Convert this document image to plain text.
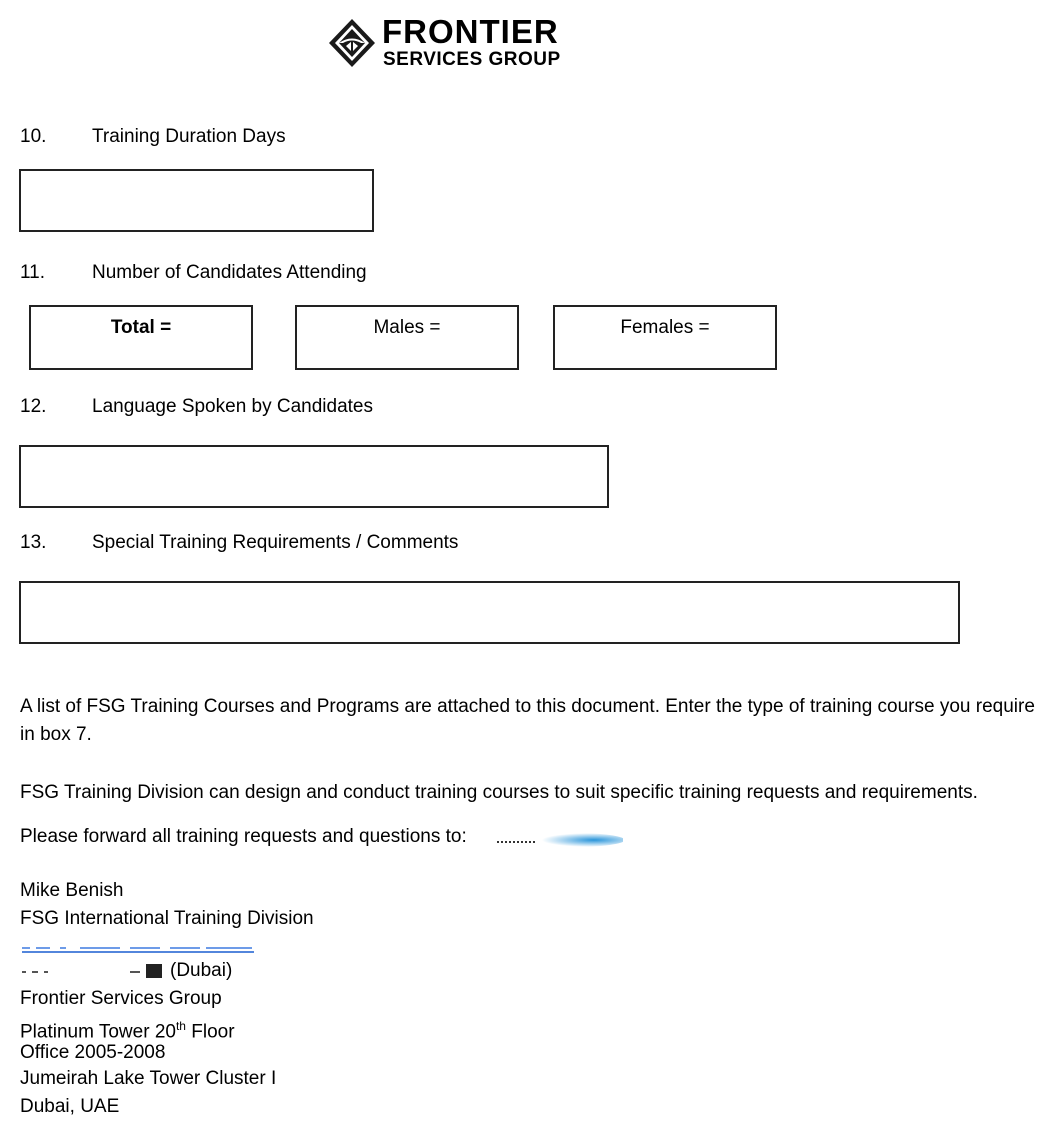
FRONTIER
SERVICES GROUP
10. Training Duration Days
11. Number of Candidates Attending
Total =	Males =	Females =
12. Language Spoken by Candidates
13. Special Training Requirements / Comments
A list of FSG Training Courses and Programs are attached to this document. Enter the type of training course you require in box 7.
FSG Training Division can design and conduct training courses to suit specific training requests and requirements.
Please forward all training requests and questions to:
Mike Benish
FSG International Training Division
(Dubai)
Frontier Services Group
Platinum Tower 20th Floor
Office 2005-2008
Jumeirah Lake Tower Cluster I
Dubai, UAE
